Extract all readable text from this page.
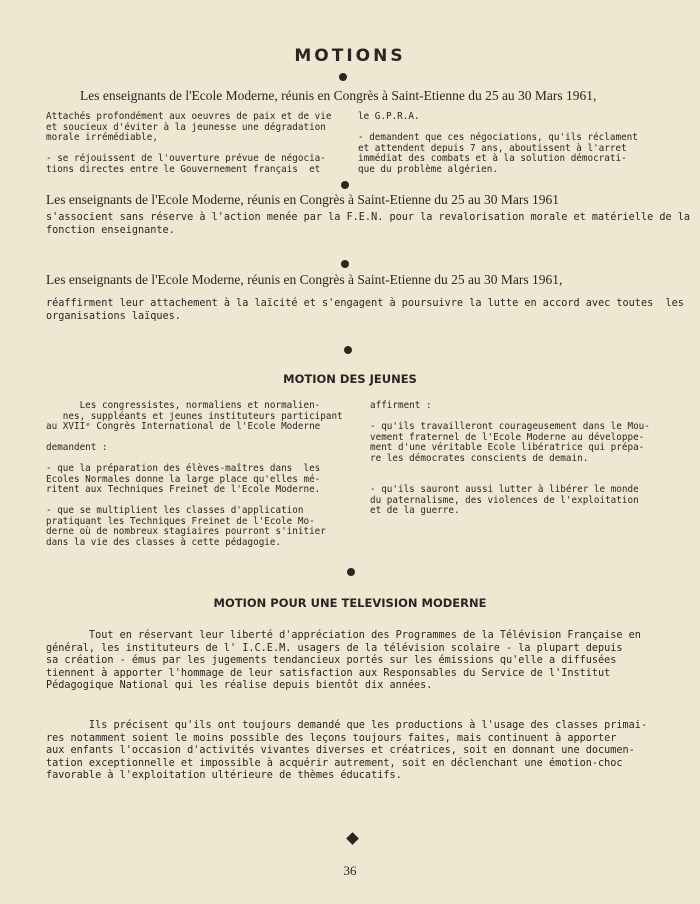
MOTIONS
Les enseignants de l'Ecole Moderne, réunis en Congrès à Saint-Etienne du 25 au 30 Mars 1961,
Attachés profondément aux oeuvres de paix et de vie
et soucieux d'éviter à la jeunesse une dégradation
morale irrémédiable,

- se réjouissent de l'ouverture prévue de négocia-
tions directes entre le Gouvernement français  et
le G.P.R.A.

- demandent que ces négociations, qu'ils réclament
et attendent depuis 7 ans, aboutissent à l'arret
immédiat des combats et à la solution démocrati-
que du problème algérien.
Les enseignants de l'Ecole Moderne, réunis en Congrès à Saint-Etienne du 25 au 30 Mars 1961
s'associent sans réserve à l'action menée par la F.E.N. pour la revalorisation morale et matérielle de la
fonction enseignante.
Les enseignants de l'Ecole Moderne, réunis en Congrès à Saint-Etienne du 25 au 30 Mars 1961,
réaffirment leur attachement à la laïcité et s'engagent à poursuivre la lutte en accord avec toutes  les
organisations laïques.
MOTION DES JEUNES
Les congressistes, normaliens et normalien-
nes, suppléants et jeunes instituteurs participant
au XVIIᵉ Congrès International de l'Ecole Moderne

demandent :

- que la préparation des élèves-maîtres dans  les
Ecoles Normales donne la large place qu'elles mé-
ritent aux Techniques Freinet de l'Ecole Moderne.

- que se multiplient les classes d'application
pratiquant les Techniques Freinet de l'Ecole Mo-
derne où de nombreux stagiaires pourront s'initier
dans la vie des classes à cette pédagogie.
affirment :

- qu'ils travailleront courageusement dans le Mou-
vement fraternel de l'Ecole Moderne au développe-
ment d'une véritable Ecole libératrice qui prépa-
re les démocrates conscients de demain.

- qu'ils sauront aussi lutter à libérer le monde
du paternalisme, des violences de l'exploitation
et de la guerre.
MOTION POUR UNE TELEVISION MODERNE
Tout en réservant leur liberté d'appréciation des Programmes de la Télévision Française en
général, les instituteurs de l' I.C.E.M. usagers de la télévision scolaire - la plupart depuis
sa création - émus par les jugements tendancieux portés sur les émissions qu'elle a diffusées
tiennent à apporter l'hommage de leur satisfaction aux Responsables du Service de l'Institut
Pédagogique National qui les réalise depuis bientôt dix années.
Ils précisent qu'ils ont toujours demandé que les productions à l'usage des classes primai-
res notamment soient le moins possible des leçons toujours faites, mais continuent à apporter
aux enfants l'occasion d'activités vivantes diverses et créatrices, soit en donnant une documen-
tation exceptionnelle et impossible à acquérir autrement, soit en déclenchant une émotion-choc
favorable à l'exploitation ultérieure de thèmes éducatifs.
36
